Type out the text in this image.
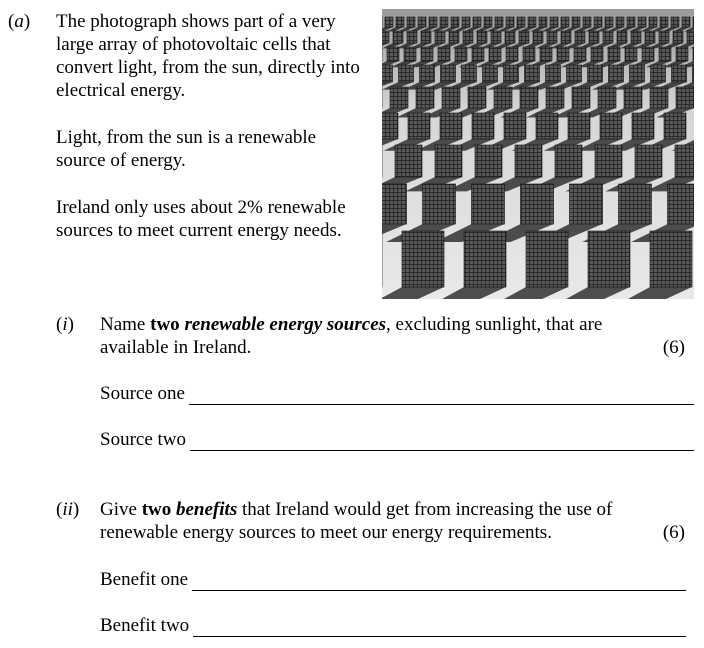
(a) The photograph shows part of a very large array of photovoltaic cells that convert light, from the sun, directly into electrical energy.
Light, from the sun is a renewable source of energy.
Ireland only uses about 2% renewable sources to meet current energy needs.
(i) Name two renewable energy sources, excluding sunlight, that are available in Ireland.	(6)
Source one
Source two
(ii) Give two benefits that Ireland would get from increasing the use of renewable energy sources to meet our energy requirements.	(6)
Benefit one
Benefit two
